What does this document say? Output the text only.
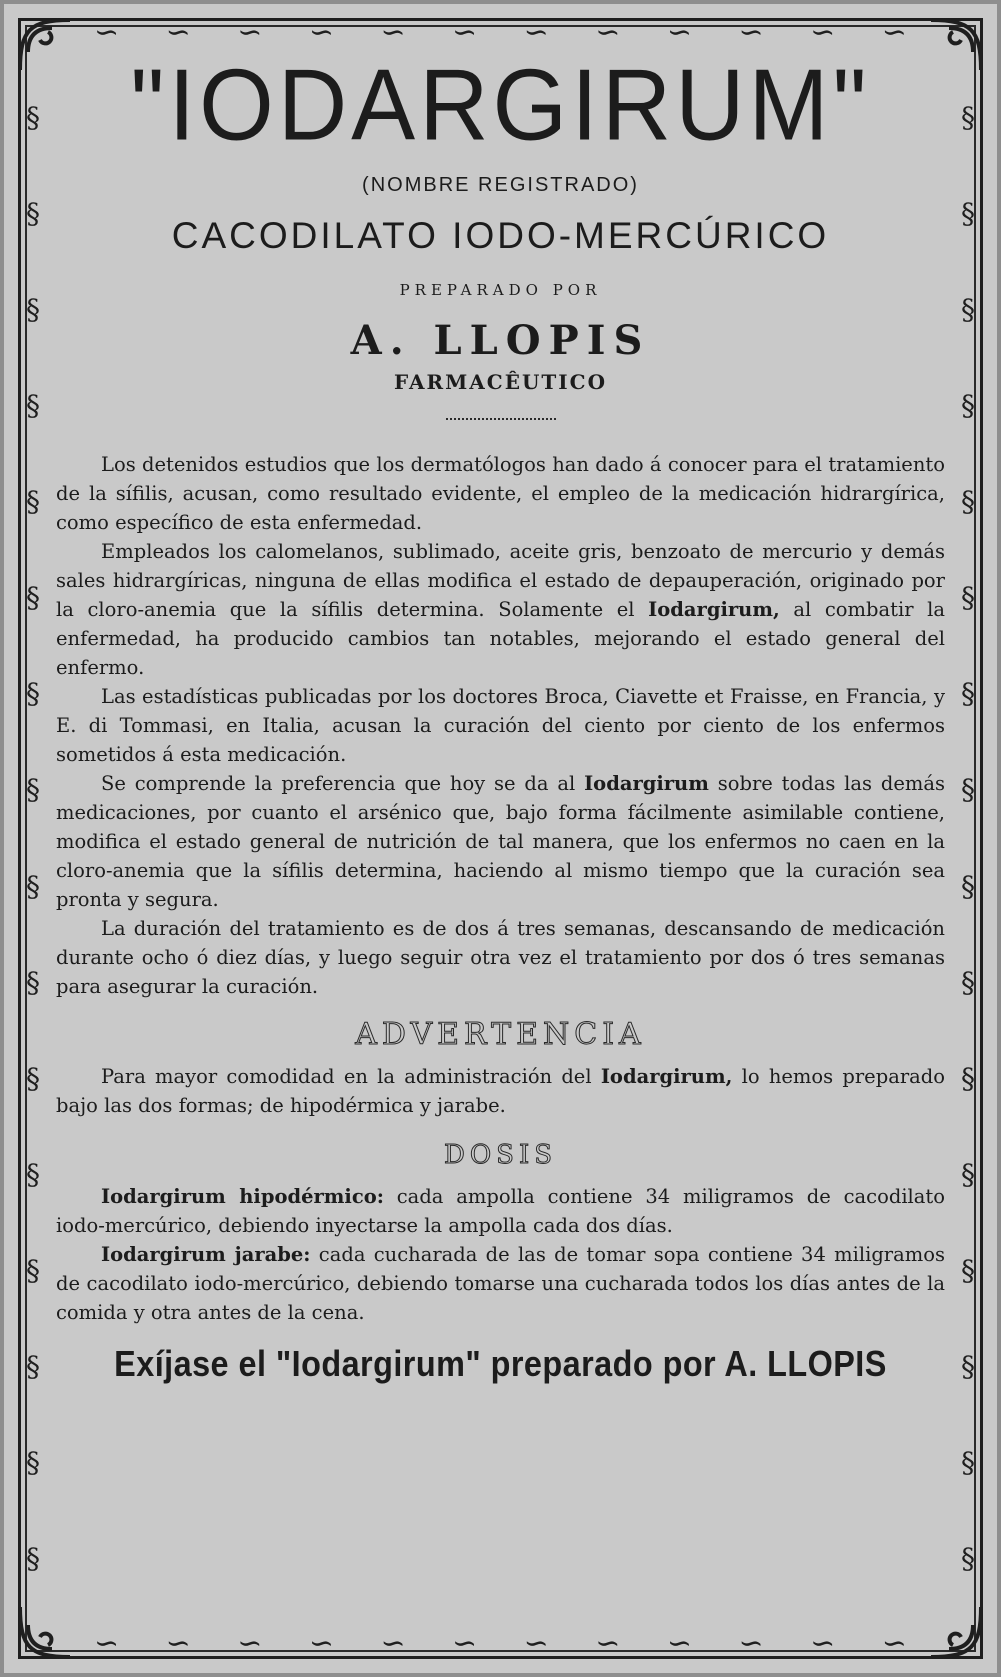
∽ ∽ ∽ ∽ ∽ ∽ ∽ ∽ ∽ ∽ ∽ ∽
∽ ∽ ∽ ∽ ∽ ∽ ∽ ∽ ∽ ∽ ∽ ∽
§
§
§
§
§
§
§
§
§
§
§
§
§
§
§
§
§
§
§
§
§
§
§
§
§
§
§
§
§
§
§
§
"IODARGIRUM"
(NOMBRE REGISTRADO)
CACODILATO IODO-MERCÚRICO
PREPARADO POR
A. LLOPIS
FARMACÊUTICO

Los detenidos estudios que los dermatólogos han dado á conocer para el tratamiento de la sífilis, acusan, como resultado evidente, el empleo de la medicación hidrargírica, como específico de esta enfermedad.

Empleados los calomelanos, sublimado, aceite gris, benzoato de mercurio y demás sales hidrargíricas, ninguna de ellas modifica el estado de depauperación, originado por la cloro-anemia que la sífilis determina. Solamente el Iodargirum, al combatir la enfermedad, ha producido cambios tan notables, mejorando el estado general del enfermo.

Las estadísticas publicadas por los doctores Broca, Ciavette et Fraisse, en Francia, y E. di Tommasi, en Italia, acusan la curación del ciento por ciento de los enfermos sometidos á esta medicación.

Se comprende la preferencia que hoy se da al Iodargirum sobre todas las demás medicaciones, por cuanto el arsénico que, bajo forma fácilmente asimilable contiene, modifica el estado general de nutrición de tal manera, que los enfermos no caen en la cloro-anemia que la sífilis determina, haciendo al mismo tiempo que la curación sea pronta y segura.

La duración del tratamiento es de dos á tres semanas, descansando de medicación durante ocho ó diez días, y luego seguir otra vez el tratamiento por dos ó tres semanas para asegurar la curación.

ADVERTENCIA

Para mayor comodidad en la administración del Iodargirum, lo hemos preparado bajo las dos formas; de hipodérmica y jarabe.

DOSIS

Iodargirum hipodérmico: cada ampolla contiene 34 miligramos de cacodilato iodo-mercúrico, debiendo inyectarse la ampolla cada dos días.

Iodargirum jarabe: cada cucharada de las de tomar sopa contiene 34 miligramos de cacodilato iodo-mercúrico, debiendo tomarse una cucharada todos los días antes de la comida y otra antes de la cena.

Exíjase el "Iodargirum" preparado por A. LLOPIS
